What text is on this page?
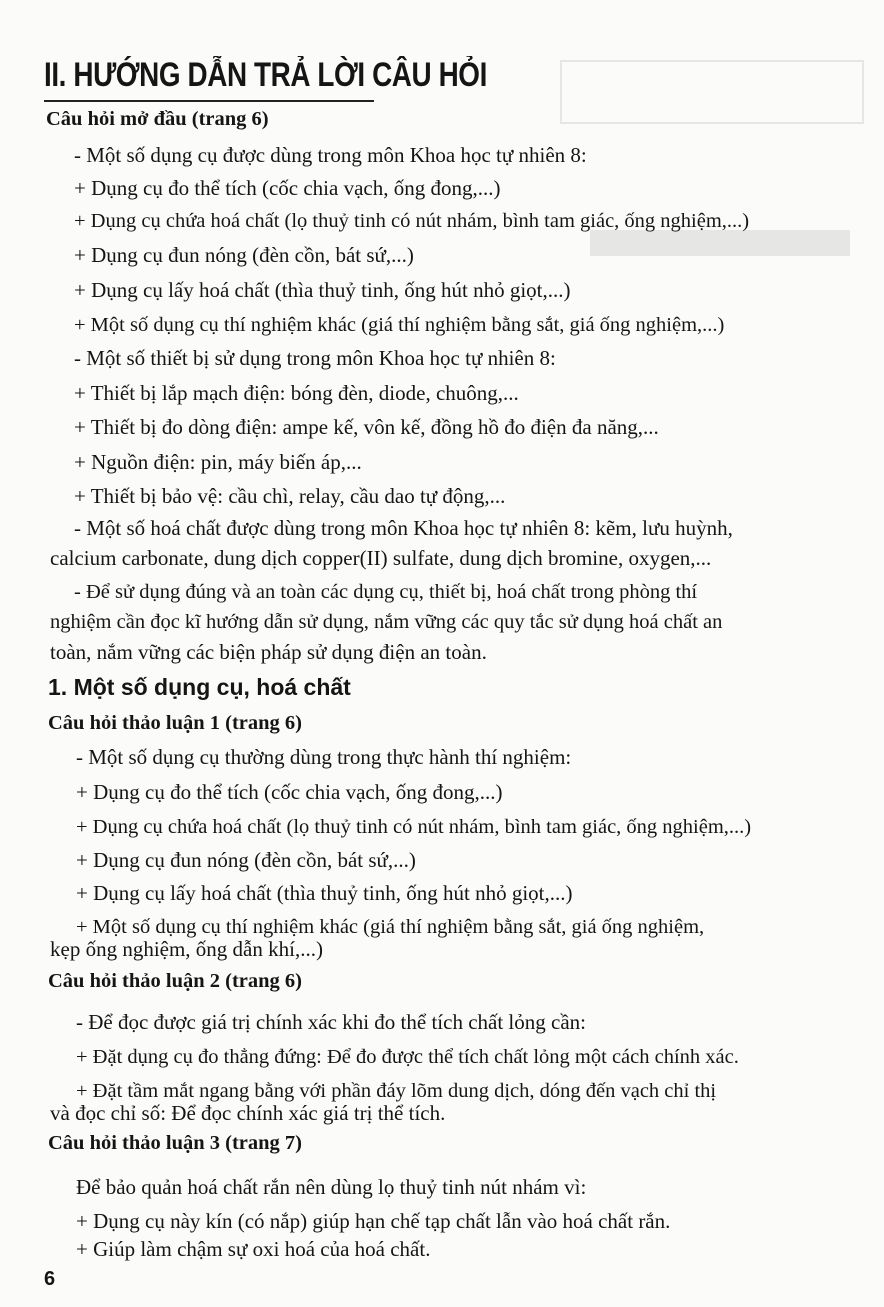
II. HƯỚNG DẪN TRẢ LỜI CÂU HỎI
Câu hỏi mở đầu (trang 6)
- Một số dụng cụ được dùng trong môn Khoa học tự nhiên 8:
+ Dụng cụ đo thể tích (cốc chia vạch, ống đong,...)
+ Dụng cụ chứa hoá chất (lọ thuỷ tinh có nút nhám, bình tam giác, ống nghiệm,...)
+ Dụng cụ đun nóng (đèn cồn, bát sứ,...)
+ Dụng cụ lấy hoá chất (thìa thuỷ tinh, ống hút nhỏ giọt,...)
+ Một số dụng cụ thí nghiệm khác (giá thí nghiệm bằng sắt, giá ống nghiệm,...)
- Một số thiết bị sử dụng trong môn Khoa học tự nhiên 8:
+ Thiết bị lắp mạch điện: bóng đèn, diode, chuông,...
+ Thiết bị đo dòng điện: ampe kế, vôn kế, đồng hồ đo điện đa năng,...
+ Nguồn điện: pin, máy biến áp,...
+ Thiết bị bảo vệ: cầu chì, relay, cầu dao tự động,...
- Một số hoá chất được dùng trong môn Khoa học tự nhiên 8: kẽm, lưu huỳnh,
calcium carbonate, dung dịch copper(II) sulfate, dung dịch bromine, oxygen,...
- Để sử dụng đúng và an toàn các dụng cụ, thiết bị, hoá chất trong phòng thí
nghiệm cần đọc kĩ hướng dẫn sử dụng, nắm vững các quy tắc sử dụng hoá chất an
toàn, nắm vững các biện pháp sử dụng điện an toàn.
1. Một số dụng cụ, hoá chất
Câu hỏi thảo luận 1 (trang 6)
- Một số dụng cụ thường dùng trong thực hành thí nghiệm:
+ Dụng cụ đo thể tích (cốc chia vạch, ống đong,...)
+ Dụng cụ chứa hoá chất (lọ thuỷ tinh có nút nhám, bình tam giác, ống nghiệm,...)
+ Dụng cụ đun nóng (đèn cồn, bát sứ,...)
+ Dụng cụ lấy hoá chất (thìa thuỷ tinh, ống hút nhỏ giọt,...)
+ Một số dụng cụ thí nghiệm khác (giá thí nghiệm bằng sắt, giá ống nghiệm,
kẹp ống nghiệm, ống dẫn khí,...)
Câu hỏi thảo luận 2 (trang 6)
- Để đọc được giá trị chính xác khi đo thể tích chất lỏng cần:
+ Đặt dụng cụ đo thẳng đứng: Để đo được thể tích chất lỏng một cách chính xác.
+ Đặt tầm mắt ngang bằng với phần đáy lõm dung dịch, dóng đến vạch chỉ thị
và đọc chỉ số: Để đọc chính xác giá trị thể tích.
Câu hỏi thảo luận 3 (trang 7)
Để bảo quản hoá chất rắn nên dùng lọ thuỷ tinh nút nhám vì:
+ Dụng cụ này kín (có nắp) giúp hạn chế tạp chất lẫn vào hoá chất rắn.
+ Giúp làm chậm sự oxi hoá của hoá chất.
6
